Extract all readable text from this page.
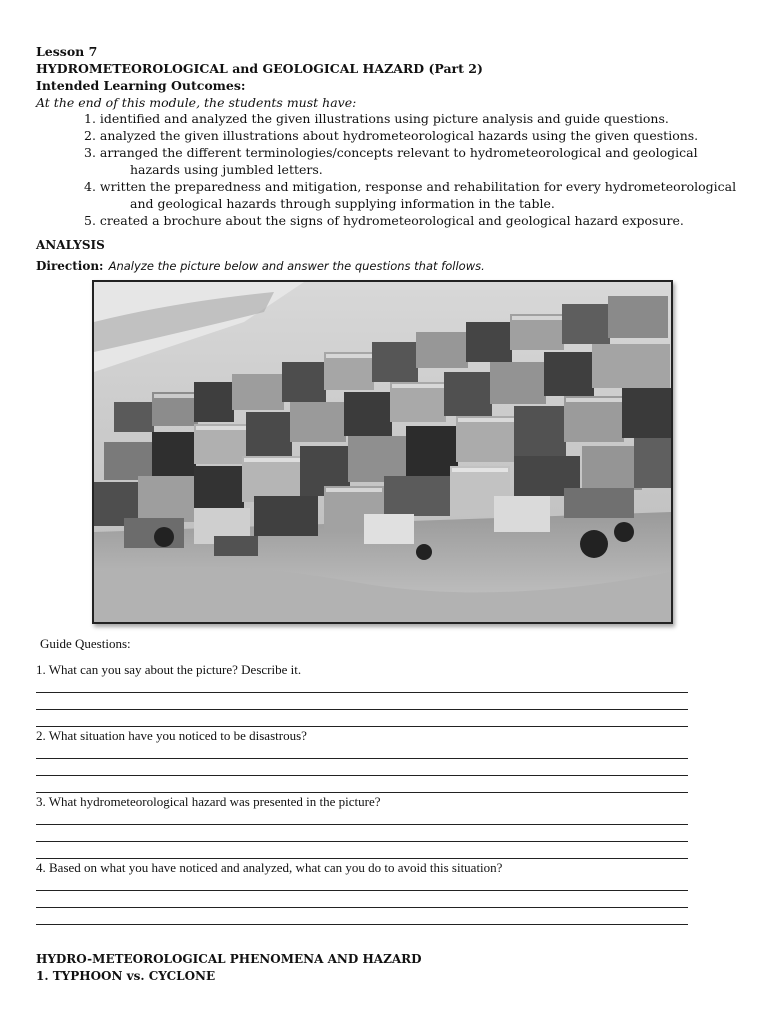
Lesson 7
HYDROMETEOROLOGICAL and GEOLOGICAL HAZARD (Part 2)
Intended Learning Outcomes:
At the end of this module, the students must have:
1. identified and analyzed the given illustrations using picture analysis and guide questions.
2. analyzed the given illustrations about hydrometeorological hazards using the given questions.
3. arranged the different terminologies/concepts relevant to hydrometeorological and geological
hazards using jumbled letters.
4. written the preparedness and mitigation, response and rehabilitation for every hydrometeorological
and geological hazards through supplying information in the table.
5. created a brochure about the signs of hydrometeorological and geological hazard exposure.
ANALYSIS
Direction: Analyze the picture below and answer the questions that follows.
Guide Questions:
1. What can you say about the picture? Describe it.
2. What situation have you noticed to be disastrous?
3. What hydrometeorological hazard was presented in the picture?
4. Based on what you have noticed and analyzed, what can you do to avoid this situation?
HYDRO-METEOROLOGICAL PHENOMENA AND HAZARD
1. TYPHOON vs. CYCLONE
